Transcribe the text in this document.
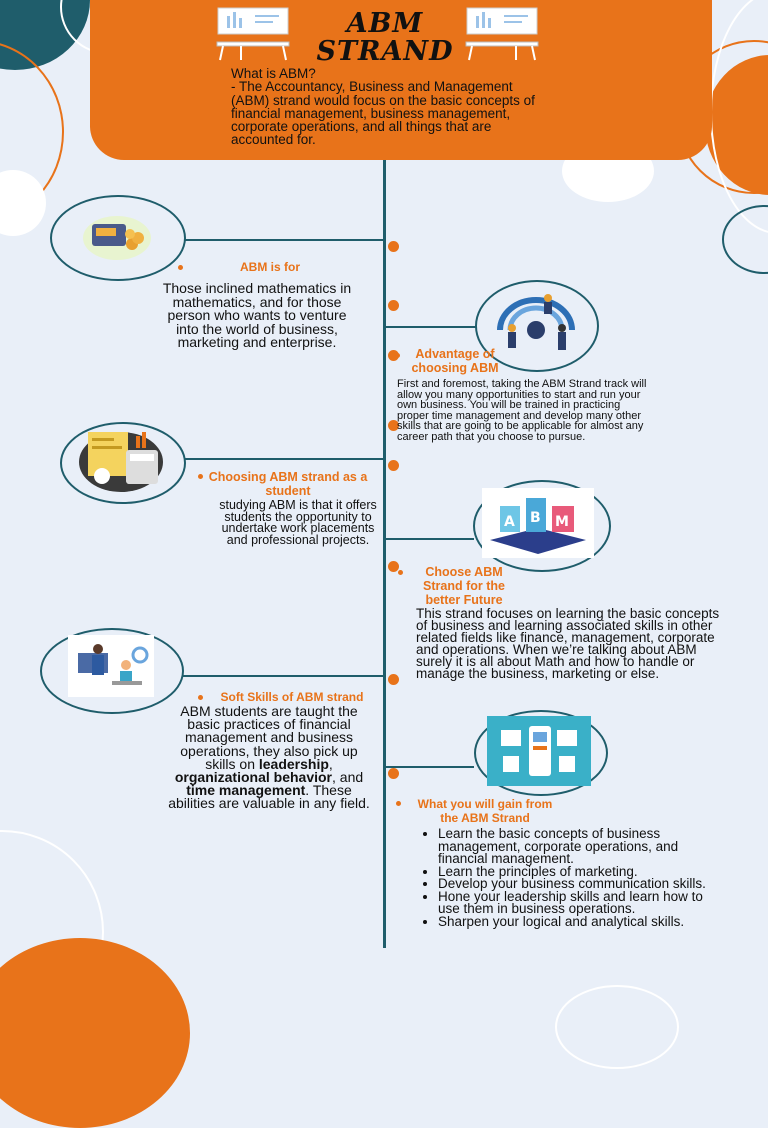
ABM
STRAND
What is ABM?
- The Accountancy, Business and Management (ABM) strand would focus on the basic concepts of financial management, business management, corporate operations, and all things that are accounted for.
ABM is for
Those inclined mathematics in mathematics, and for those person who wants to venture into the world of business, marketing and enterprise.
Advantage of choosing ABM
First and foremost, taking the ABM Strand track will allow you many opportunities to start and run your own business. You will be trained in practicing proper time management and develop many other skills that are going to be applicable for almost any career path that you choose to pursue.
Choosing ABM strand as a student
studying ABM is that it offers students the opportunity to undertake work placements and professional projects.
A B M
Choose ABM Strand for the better Future
This strand focuses on learning the basic concepts of business and learning associated skills in other related fields like finance, management, corporate and operations. When we’re talking about ABM surely it is all about Math and how to handle or manage the business, marketing or else.
Soft Skills of ABM strand
ABM students are taught the basic practices of financial management and business operations, they also pick up skills on leadership, organizational behavior, and time management. These abilities are valuable in any field.	What you will gain from the ABM Strand
• Learn the basic concepts of business management, corporate operations, and financial management.
• Learn the principles of marketing.
• Develop your business communication skills.
• Hone your leadership skills and learn how to use them in business operations.
• Sharpen your logical and analytical skills.
